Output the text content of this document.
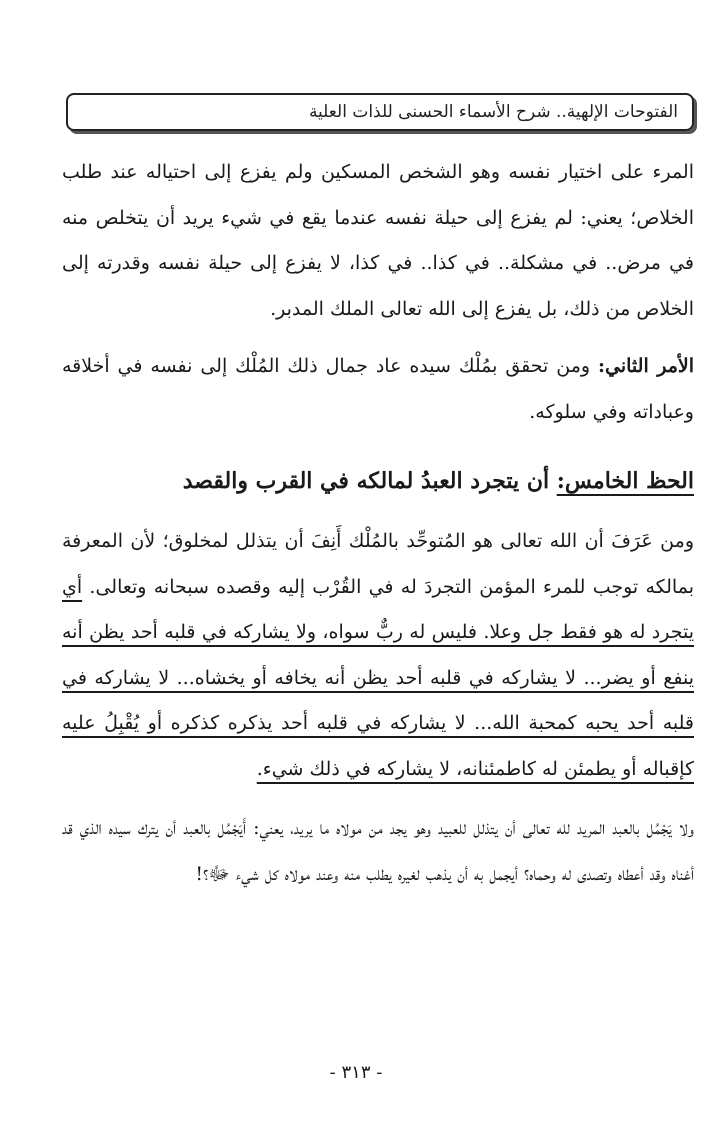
الفتوحات الإلهية.. شرح الأسماء الحسنى للذات العلية

المرء على اختيار نفسه وهو الشخص المسكين ولم يفزع إلى احتياله عند طلب الخلاص؛ يعني: لم يفزع إلى حيلة نفسه عندما يقع في شيء يريد أن يتخلص منه في مرض.. في مشكلة.. في كذا.. في كذا، لا يفزع إلى حيلة نفسه وقدرته إلى الخلاص من ذلك، بل يفزع إلى الله تعالى الملك المدبر.

الأمر الثاني: ومن تحقق بمُلْك سيده عاد جمال ذلك المُلْك إلى نفسه في أخلاقه وعباداته وفي سلوكه.

الحظ الخامس: أن يتجرد العبدُ لمالكه في القرب والقصد

ومن عَرَفَ أن الله تعالى هو المُتوحِّد بالمُلْك أَنِفَ أن يتذلل لمخلوق؛ لأن المعرفة بمالكه توجب للمرء المؤمن التجردَ له في القُرْب إليه وقصده سبحانه وتعالى. أي يتجرد له هو فقط جل وعلا. فليس له ربٌّ سواه، ولا يشاركه في قلبه أحد يظن أنه ينفع أو يضر... لا يشاركه في قلبه أحد يظن أنه يخافه أو يخشاه... لا يشاركه في قلبه أحد يحبه كمحبة الله... لا يشاركه في قلبه أحد يذكره كذكره أو يُقْبِلُ عليه كإقباله أو يطمئن له كاطمئنانه، لا يشاركه في ذلك شيء.

ولا يَجْمُل بالعبد المريد لله تعالى أن يتذلل للعبيد وهو يجد من مولاه ما يريد، يعني: أَيَجْمُل بالعبد أن يترك سيده الذي قد أغناه وقد أعطاه وتصدى له وحماه؟ أيجمل به أن يذهب لغيره يطلب منه وعند مولاه كل شيء ﷻ؟!

- ٣١٣ -
